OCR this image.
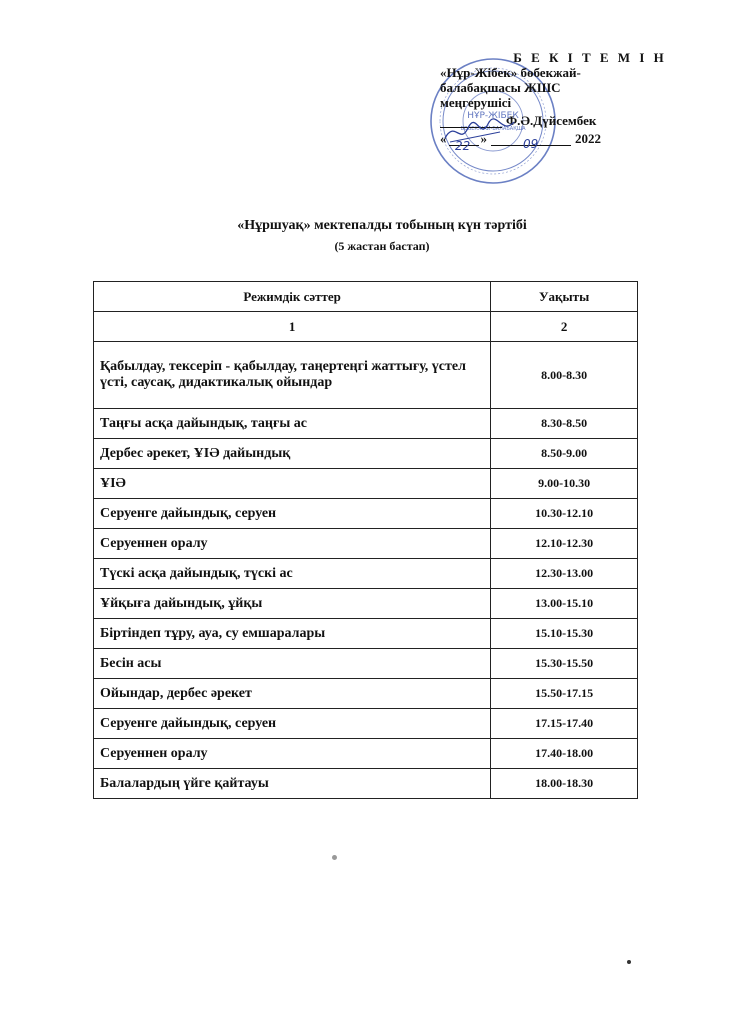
НҰР-ЖІБЕК
БӨБЕКЖАЙ-БАЛАБАҚША
Б Е К І Т Е М І Н
«Нұр-Жібек» бөбекжай-
балабақшасы ЖШС
меңгерушісі
Ф.Ә.Дүйсембек
«	»	2022
22	09
«Нұршуақ» мектепалды тобының күн тәртібі
(5 жастан бастап)
Режимдік сәттер	Уақыты
1	2
Қабылдау, тексеріп - қабылдау, таңертеңгі жаттығу, үстел үсті, саусақ, дидактикалық ойындар	8.00-8.30
Таңғы асқа дайындық, таңғы ас	8.30-8.50
Дербес әрекет, ҰІӘ дайындық	8.50-9.00
ҰІӘ	9.00-10.30
Серуенге дайындық, серуен	10.30-12.10
Серуеннен оралу	12.10-12.30
Түскі асқа дайындық, түскі ас	12.30-13.00
Ұйқыға дайындық, ұйқы	13.00-15.10
Біртіндеп тұру, ауа, су емшаралары	15.10-15.30
Бесін асы	15.30-15.50
Ойындар, дербес әрекет	15.50-17.15
Серуенге дайындық, серуен	17.15-17.40
Серуеннен оралу	17.40-18.00
Балалардың үйге қайтауы	18.00-18.30
